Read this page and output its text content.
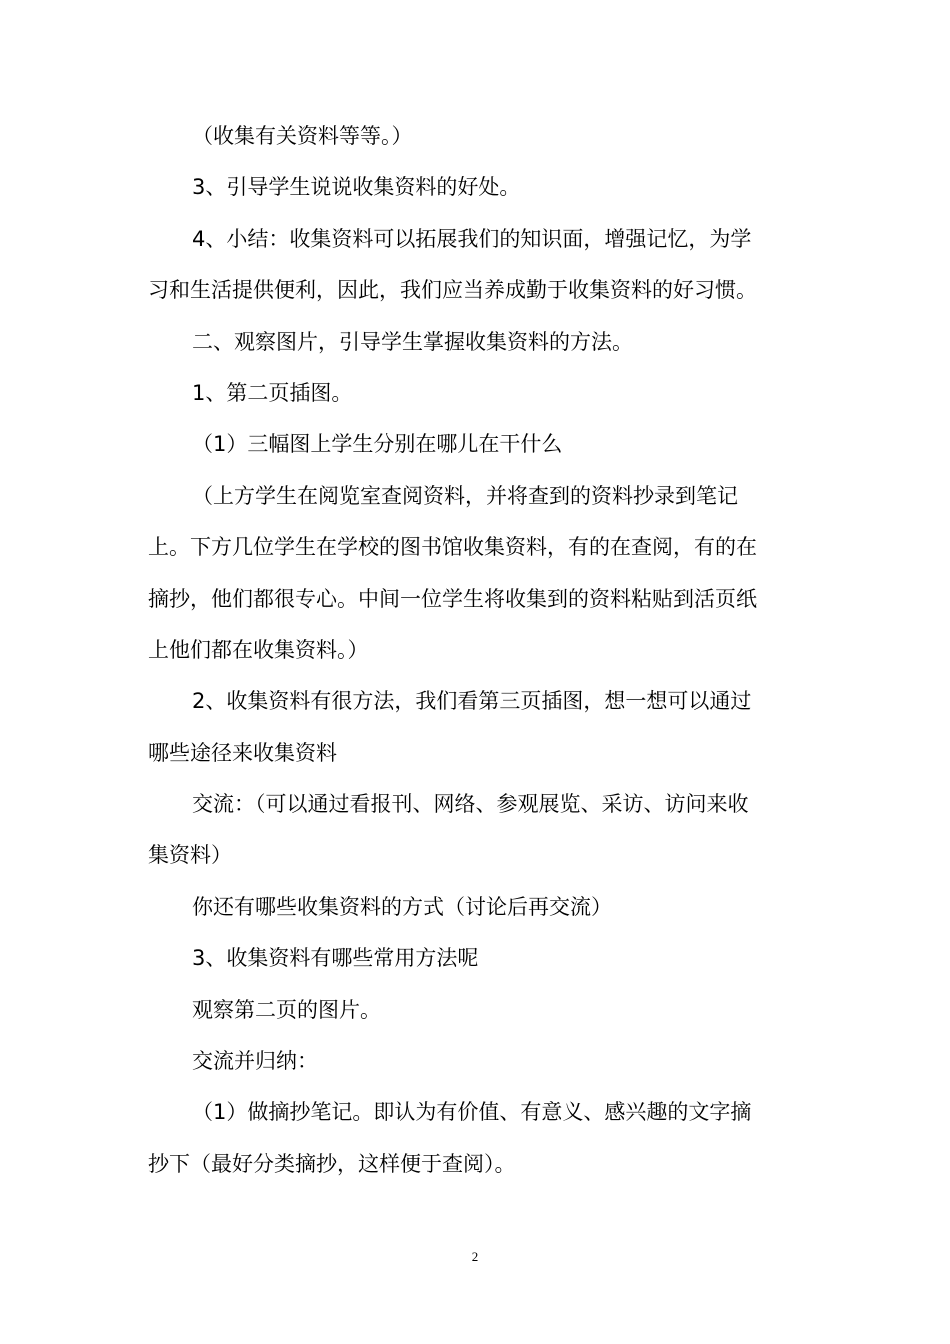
（收集有关资料等等。）
3、引导学生说说收集资料的好处。
4、小结：收集资料可以拓展我们的知识面，增强记忆，为学
习和生活提供便利，因此，我们应当养成勤于收集资料的好习惯。
二、观察图片，引导学生掌握收集资料的方法。
1、第二页插图。
（1）三幅图上学生分别在哪儿在干什么
（上方学生在阅览室查阅资料，并将查到的资料抄录到笔记
上。下方几位学生在学校的图书馆收集资料，有的在查阅，有的在
摘抄，他们都很专心。中间一位学生将收集到的资料粘贴到活页纸
上他们都在收集资料。）
2、收集资料有很方法，我们看第三页插图，想一想可以通过
哪些途径来收集资料
交流：（可以通过看报刊、网络、参观展览、采访、访问来收
集资料）
你还有哪些收集资料的方式（讨论后再交流）
3、收集资料有哪些常用方法呢
观察第二页的图片。
交流并归纳：
（1）做摘抄笔记。即认为有价值、有意义、感兴趣的文字摘
抄下（最好分类摘抄，这样便于查阅）。
2
